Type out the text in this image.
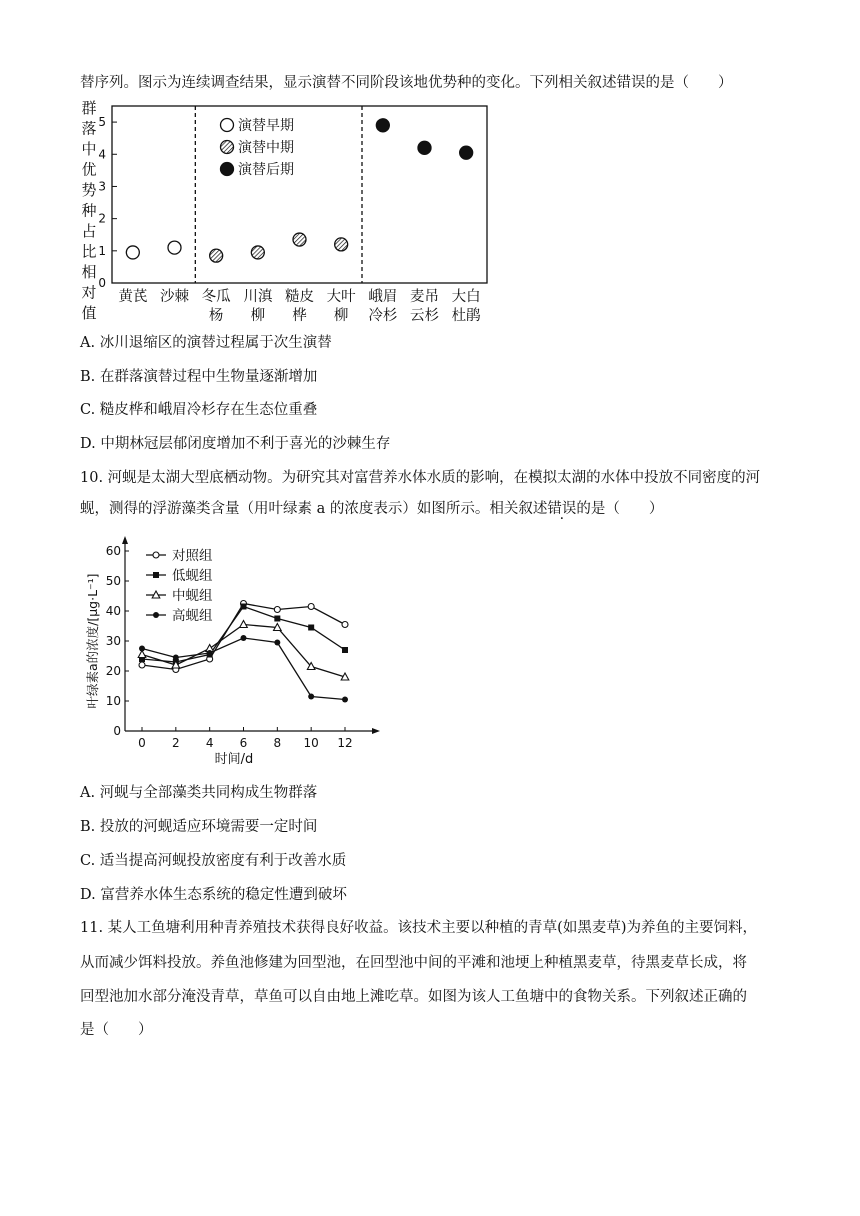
替序列。图示为连续调查结果，显示演替不同阶段该地优势种的变化。下列相关叙述错误的是（　　）
0
1
2
3
4
5
群
落
中
优
势
种
占
比
相
对
值
演替早期
演替中期
演替后期
黄芪 沙棘 冬瓜
杨
川滇
柳
糙皮
桦
大叶
柳
峨眉
冷杉
麦吊
云杉
大白
杜鹃
A. 冰川退缩区的演替过程属于次生演替
B. 在群落演替过程中生物量逐渐增加
C. 糙皮桦和峨眉冷杉存在生态位重叠
D. 中期林冠层郁闭度增加不利于喜光的沙棘生存
10. 河蚬是太湖大型底栖动物。为研究其对富营养水体水质的影响，在模拟太湖的水体中投放不同密度的河
蚬，测得的浮游藻类含量（用叶绿素 a 的浓度表示）如图所示。相关叙述错误的是（　　）
0
10
20
30
40
50
60
0 2 4 6 8 10 12
时间/d
叶绿素a的浓度/[μg·L⁻¹]
对照组
低蚬组
中蚬组
高蚬组
A. 河蚬与全部藻类共同构成生物群落
B. 投放的河蚬适应环境需要一定时间
C. 适当提高河蚬投放密度有利于改善水质
D. 富营养水体生态系统的稳定性遭到破坏
11. 某人工鱼塘利用种青养殖技术获得良好收益。该技术主要以种植的青草(如黑麦草)为养鱼的主要饲料，
从而减少饵料投放。养鱼池修建为回型池，在回型池中间的平滩和池埂上种植黑麦草，待黑麦草长成，将
回型池加水部分淹没青草，草鱼可以自由地上滩吃草。如图为该人工鱼塘中的食物关系。下列叙述正确的
是（　　）
